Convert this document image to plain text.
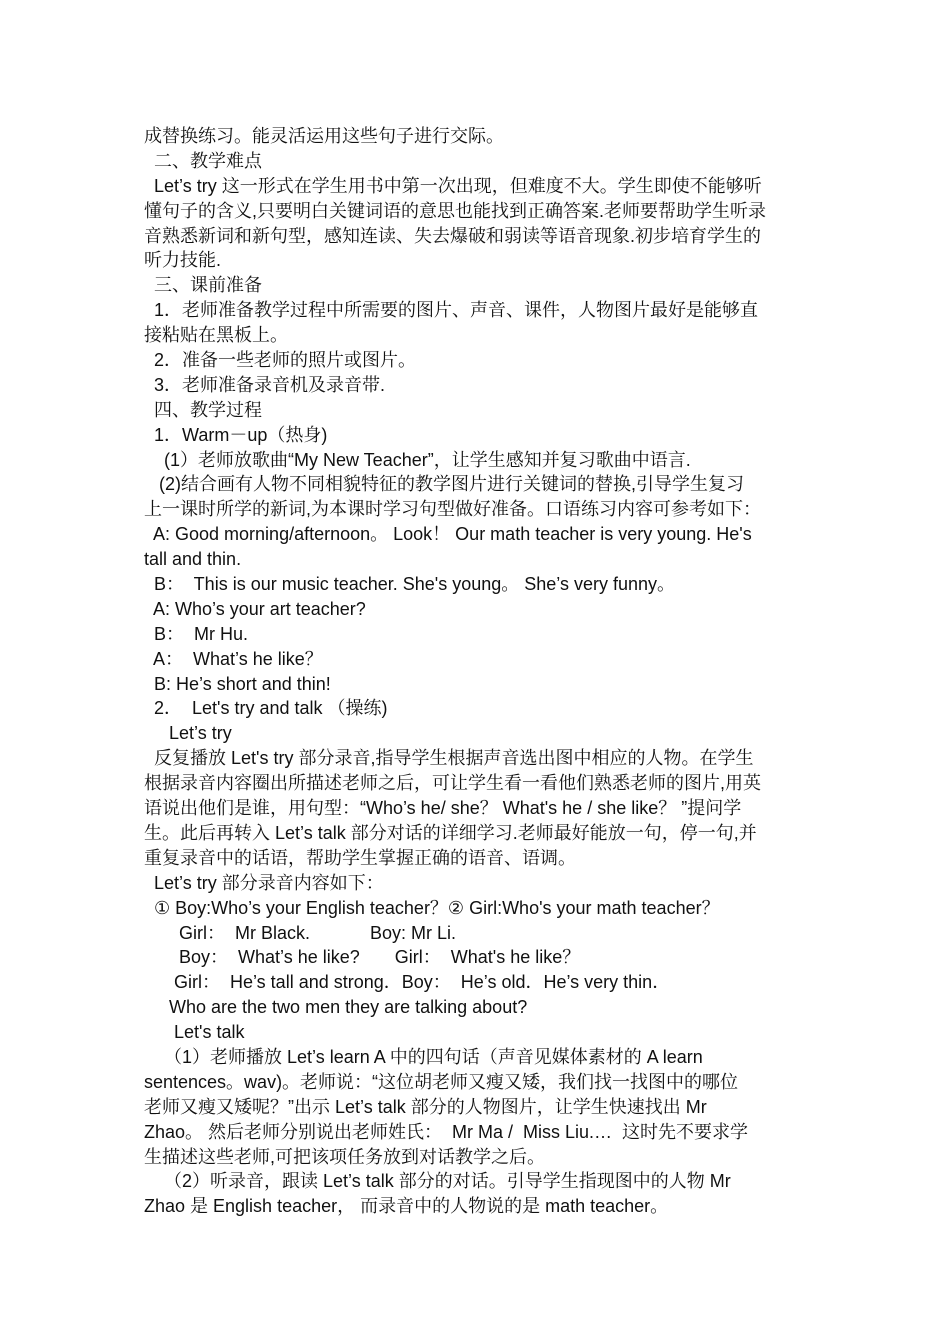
成替换练习。能灵活运用这些句子进行交际。

二、教学难点

Let’s try 这一形式在学生用书中第一次出现，但难度不大。学生即使不能够听

懂句子的含义,只要明白关键词语的意思也能找到正确答案.老师要帮助学生听录

音熟悉新词和新句型，感知连读、失去爆破和弱读等语音现象.初步培育学生的

听力技能.

三、课前准备

1．老师准备教学过程中所需要的图片、声音、课件，人物图片最好是能够直

接粘贴在黑板上。

2．准备一些老师的照片或图片。

3．老师准备录音机及录音带.

四、教学过程

1．Warm－up（热身)

(1）老师放歌曲“My New Teacher”，让学生感知并复习歌曲中语言.

(2)结合画有人物不同相貌特征的教学图片进行关键词的替换,引导学生复习

上一课时所学的新词,为本课时学习句型做好准备。口语练习内容可参考如下：

A: Good morning/afternoon。 Look！ Our math teacher is very young. He's

tall and thin.

B：  This is our music teacher. She's young。 She’s very funny。

A: Who’s your art teacher?

B：  Mr Hu.

A：  What’s he like？

B: He’s short and thin!

2．  Let's try and talk （操练)

Let’s try

反复播放 Let's try 部分录音,指导学生根据声音选出图中相应的人物。在学生

根据录音内容圈出所描述老师之后，可让学生看一看他们熟悉老师的图片,用英

语说出他们是谁，用句型：“Who’s he/ she？ What's he / she like？ ”提问学

生。此后再转入 Let’s talk 部分对话的详细学习.老师最好能放一句，停一句,并

重复录音中的话语，帮助学生掌握正确的语音、语调。

Let’s try 部分录音内容如下：

① Boy:Who’s your English teacher？② Girl:Who's your math teacher？

Girl：  Mr Black.            Boy: Mr Li.

Boy：  What’s he like?       Girl：  What's he like？

Girl：  He’s tall and strong．Boy：  He’s old．He’s very thin．

Who are the two men they are talking about?

Let's talk

（1）老师播放 Let’s learn A 中的四句话（声音见媒体素材的 A learn

sentences。wav)。老师说：“这位胡老师又瘦又矮，我们找一找图中的哪位

老师又瘦又矮呢？”出示 Let’s talk 部分的人物图片，让学生快速找出 Mr

Zhao。 然后老师分别说出老师姓氏：  Mr Ma /  Miss Liu.…  这时先不要求学

生描述这些老师,可把该项任务放到对话教学之后。

（2）听录音，跟读 Let’s talk 部分的对话。引导学生指现图中的人物 Mr

Zhao 是 English teacher， 而录音中的人物说的是 math teacher。
